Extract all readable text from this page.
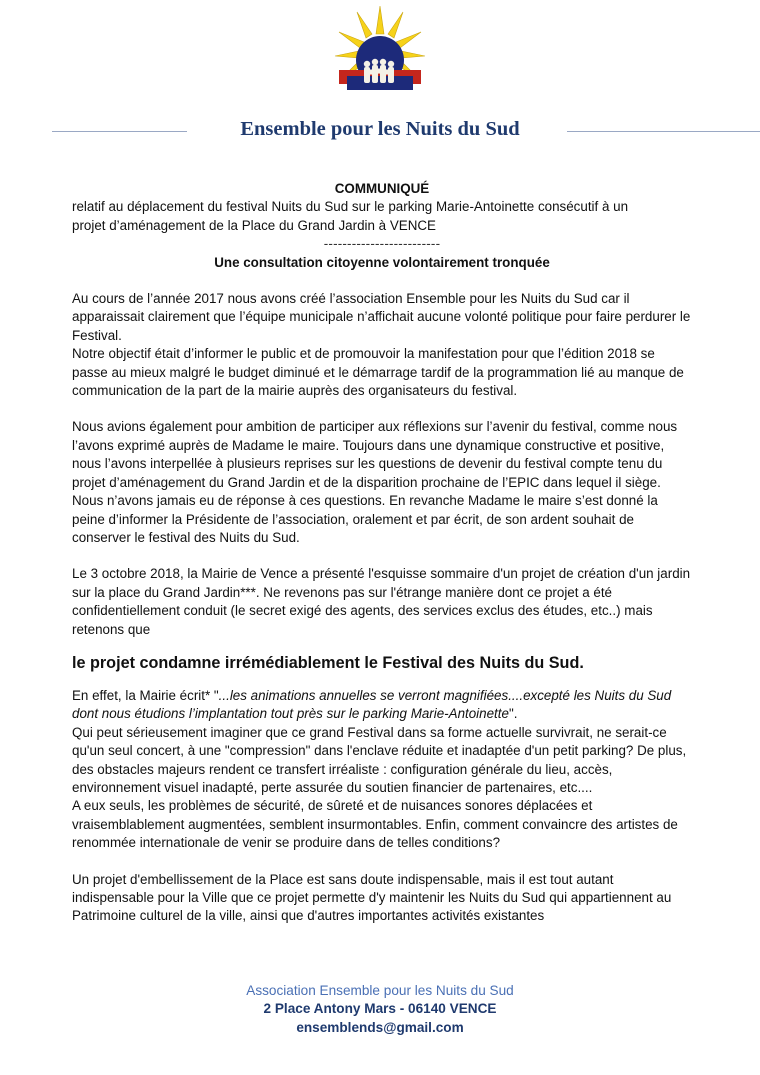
Ensemble pour les Nuits du Sud

COMMUNIQUÉ

relatif au déplacement du festival Nuits du Sud sur le parking Marie-Antoinette consécutif à un

projet d’aménagement de la Place du Grand Jardin à VENCE

-------------------------

Une consultation citoyenne volontairement tronquée

Au cours de l’année 2017 nous avons créé l’association Ensemble pour les Nuits du Sud car il apparaissait clairement que l’équipe municipale n’affichait aucune volonté politique pour faire perdurer le Festival.

Notre objectif était d’informer le public et de promouvoir la manifestation pour que l’édition 2018 se passe au mieux malgré le budget diminué et le démarrage tardif de la programmation lié au manque de communication de la part de la mairie auprès des organisateurs du festival.

Nous avions également pour ambition de participer aux réflexions sur l’avenir du festival, comme nous l’avons exprimé auprès de Madame le maire. Toujours dans une dynamique constructive et positive, nous l’avons interpellée à plusieurs reprises sur les questions de devenir du festival compte tenu du projet d’aménagement du Grand Jardin et de la disparition prochaine de l’EPIC dans lequel il siège.

Nous n’avons jamais eu de réponse à ces questions. En revanche Madame le maire s’est donné la peine d’informer la Présidente de l’association, oralement et par écrit, de son ardent souhait de conserver le festival des Nuits du Sud.

Le 3 octobre 2018, la Mairie de Vence a présenté l'esquisse sommaire d'un projet de création d'un jardin sur la place du Grand Jardin***. Ne revenons pas sur l'étrange manière dont ce projet a été confidentiellement conduit (le secret exigé des agents, des services exclus des études, etc..) mais retenons que

le projet condamne irrémédiablement le Festival des Nuits du Sud.

En effet, la Mairie écrit* "...les animations annuelles se verront magnifiées....excepté les Nuits du Sud dont nous étudions l’implantation tout près sur le parking Marie-Antoinette".

Qui peut sérieusement imaginer que ce grand Festival dans sa forme actuelle survivrait, ne serait-ce qu'un seul concert, à une "compression" dans l'enclave réduite et inadaptée d'un petit parking? De plus, des obstacles majeurs rendent ce transfert irréaliste : configuration générale du lieu, accès, environnement visuel inadapté, perte assurée du soutien financier de partenaires, etc....

A eux seuls, les problèmes de sécurité, de sûreté et de nuisances sonores déplacées et vraisemblablement augmentées, semblent insurmontables. Enfin, comment convaincre des artistes de renommée internationale de venir se produire dans de telles conditions?

Un projet d'embellissement de la Place est sans doute indispensable, mais il est tout autant indispensable pour la Ville que ce projet permette d'y maintenir les Nuits du Sud qui appartiennent au Patrimoine culturel de la ville, ainsi que d'autres importantes activités existantes

Association Ensemble pour les Nuits du Sud
2 Place Antony Mars - 06140 VENCE
ensemblends@gmail.com
